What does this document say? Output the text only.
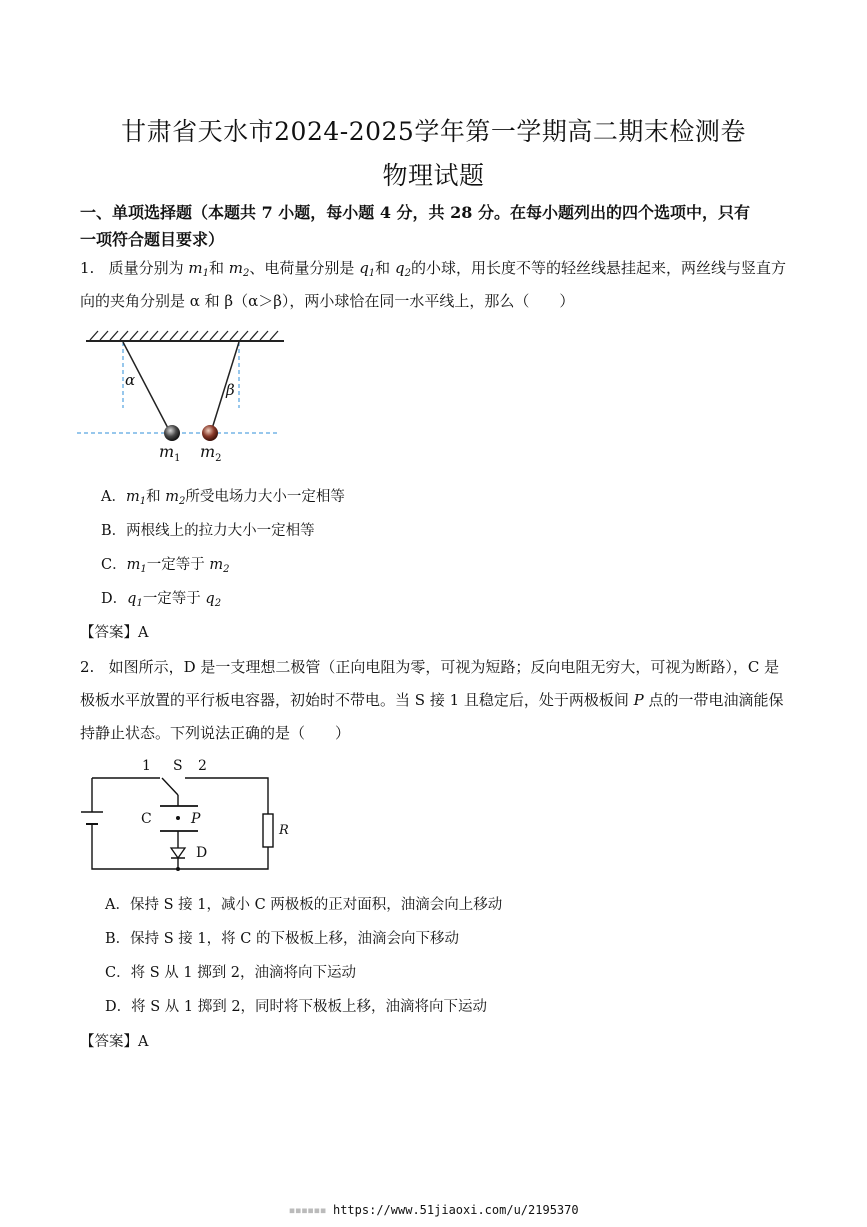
甘肃省天水市2024-2025学年第一学期高二期末检测卷
物理试题
一、单项选择题（本题共 7 小题，每小题 4 分，共 28 分。在每小题列出的四个选项中，只有
一项符合题目要求）
1. 质量分别为 $m_1$和 $m_2$、电荷量分别是 $q_1$和 $q_2$的小球，用长度不等的轻丝线悬挂起来，两丝线与竖直方
向的夹角分别是 α 和 β（α＞β），两小球恰在同一水平线上，那么（　　）
α
β
$m_1$ $m_2$
A．$m_1$和 $m_2$所受电场力大小一定相等
B．两根线上的拉力大小一定相等
C．$m_1$一定等于 $m_2$
D．$q_1$一定等于 $q_2$
【答案】A
2. 如图所示，D 是一支理想二极管（正向电阻为零，可视为短路；反向电阻无穷大，可视为断路），C 是
极板水平放置的平行板电容器，初始时不带电。当 S 接 1 且稳定后，处于两极板间 P 点的一带电油滴能保
持静止状态。下列说法正确的是（　　）
1 S 2
C	P
D
R
A．保持 S 接 1，减小 C 两极板的正对面积，油滴会向上移动
B．保持 S 接 1，将 C 的下极板上移，油滴会向下移动
C．将 S 从 1 掷到 2，油滴将向下运动
D．将 S 从 1 掷到 2，同时将下极板上移，油滴将向下运动
【答案】A
▪▪▪▪▪▪ https://www.51jiaoxi.com/u/2195370
